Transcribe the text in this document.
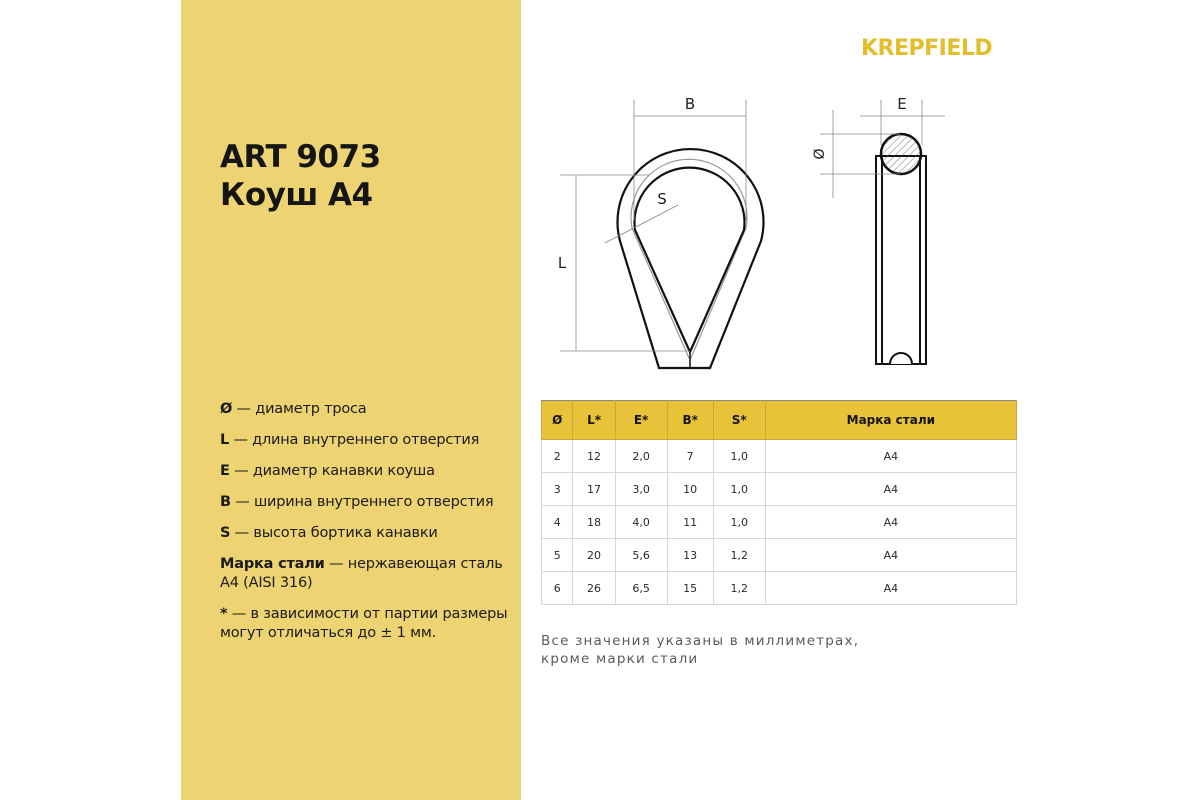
ART 9073
Коуш A4
Ø — диаметр троса
L — длина внутреннего отверстия
E — диаметр канавки коуша
B — ширина внутреннего отверстия
S — высота бортика канавки
Марка стали — нержавеющая сталь A4 (AISI 316)
* — в зависимости от партии размеры могут отличаться до ± 1 мм.
KREPFIELD
B
L
S
E
Ø
Ø	L*	E*	B*	S*	Марка стали
2	12	2,0	7	1,0	A4
3	17	3,0	10	1,0	A4
4	18	4,0	11	1,0	A4
5	20	5,6	13	1,2	A4
6	26	6,5	15	1,2	A4
Все значения указаны в миллиметрах,
кроме марки стали
